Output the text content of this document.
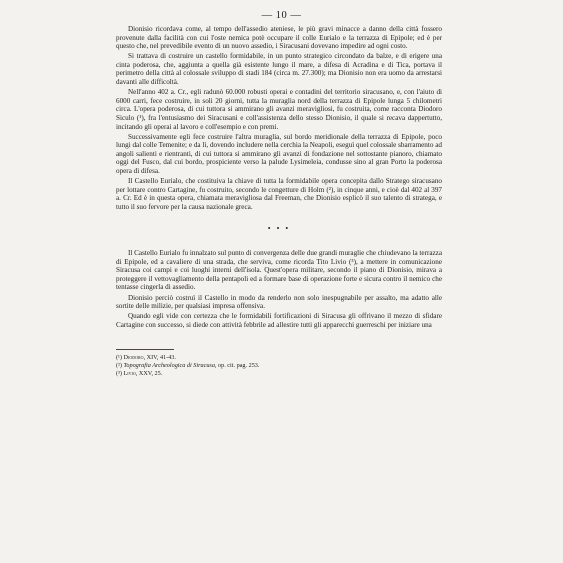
— 10 —

Dionisio ricordava come, al tempo dell'assedio ateniese, le più gravi minacce a danno della città fossero provenute dalla facilità con cui l'oste nemica potè occupare il colle Eurialo e la terrazza di Epipole; ed è per questo che, nel prevedibile evento di un nuovo assedio, i Siracusani dovevano impedire ad ogni costo.

Si trattava di costruire un castello formidabile, in un punto strategico circondato da balze, e di erigere una cinta poderosa, che, aggiunta a quella già esistente lungo il mare, a difesa di Acradina e di Tica, portava il perimetro della città al colossale sviluppo di stadi 184 (circa m. 27.300); ma Dionisio non era uomo da arrestarsi davanti alle difficoltà.

Nell'anno 402 a. Cr., egli radunò 60.000 robusti operai e contadini del territorio siracusano, e, con l'aiuto di 6000 carri, fece costruire, in soli 20 giorni, tutta la muraglia nord della terrazza di Epipole lunga 5 chilometri circa. L'opera poderosa, di cui tuttora si ammirano gli avanzi meravigliosi, fu costruita, come racconta Diodoro Siculo (¹), fra l'entusiasmo dei Siracusani e coll'assistenza dello stesso Dionisio, il quale si recava dappertutto, incitando gli operai al lavoro e coll'esempio e con premi.

Successivamente egli fece costruire l'altra muraglia, sul bordo meridionale della terrazza di Epipole, poco lungi dal colle Temenite; e da lì, dovendo includere nella cerchia la Neapoli, eseguì quel colossale sbarramento ad angoli salienti e rientranti, di cui tuttora si ammirano gli avanzi di fondazione nel sottostante pianoro, chiamato oggi del Fusco, dal cui bordo, prospiciente verso la palude Lysimeleia, condusse sino al gran Porto la poderosa opera di difesa.

Il Castello Eurialo, che costituiva la chiave di tutta la formidabile opera concepita dallo Stratego siracusano per lottare contro Cartagine, fu costruito, secondo le congetture di Holm (²), in cinque anni, e cioè dal 402 al 397 a. Cr. Ed è in questa opera, chiamata meravigliosa dal Freeman, che Dionisio esplicò il suo talento di stratega, e tutto il suo fervore per la causa nazionale greca.

• • •

Il Castello Eurialo fu innalzato sul punto di convergenza delle due grandi muraglie che chiudevano la terrazza di Epipole, ed a cavaliere di una strada, che serviva, come ricorda Tito Livio (³), a mettere in comunicazione Siracusa coi campi e coi luoghi interni dell'isola. Quest'opera militare, secondo il piano di Dionisio, mirava a proteggere il vettovagliamento della pentapoli ed a formare base di operazione forte e sicura contro il nemico che tentasse cingerla di assedio.

Dionisio perciò costruì il Castello in modo da renderlo non solo inespugnabile per assalto, ma adatto alle sortite delle milizie, per qualsiasi impresa offensiva.

Quando egli vide con certezza che le formidabili fortificazioni di Siracusa gli offrivano il mezzo di sfidare Cartagine con successo, si diede con attività febbrile ad allestire tutti gli apparecchi guerreschi per iniziare una

(¹) Diodoro, XIV, 41-43.

(²) Topografia Archeologica di Siracusa, op. cit. pag. 253.

(³) Livio, XXV, 25.
